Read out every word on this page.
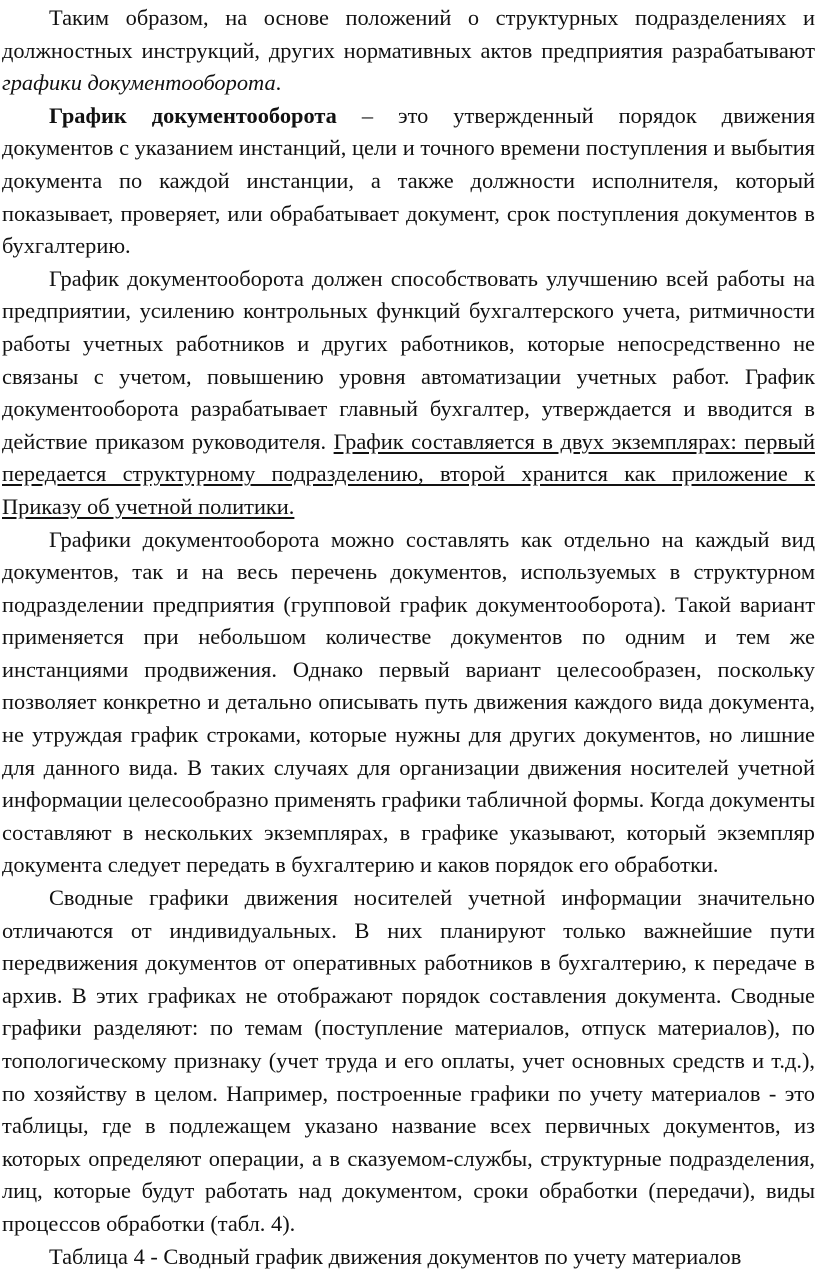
Таким образом, на основе положений о структурных подразделениях и должностных инструкций, других нормативных актов предприятия разрабатывают графики документооборота.

График документооборота – это утвержденный порядок движения документов с указанием инстанций, цели и точного времени поступления и выбытия документа по каждой инстанции, а также должности исполнителя, который показывает, проверяет, или обрабатывает документ, срок поступления документов в бухгалтерию.

График документооборота должен способствовать улучшению всей работы на предприятии, усилению контрольных функций бухгалтерского учета, ритмичности работы учетных работников и других работников, которые непосредственно не связаны с учетом, повышению уровня автоматизации учетных работ. График документооборота разрабатывает главный бухгалтер, утверждается и вводится в действие приказом руководителя. График составляется в двух экземплярах: первый передается структурному подразделению, второй хранится как приложение к Приказу об учетной политики.

Графики документооборота можно составлять как отдельно на каждый вид документов, так и на весь перечень документов, используемых в структурном подразделении предприятия (групповой график документооборота). Такой вариант применяется при небольшом количестве документов по одним и тем же инстанциями продвижения. Однако первый вариант целесообразен, поскольку позволяет конкретно и детально описывать путь движения каждого вида документа, не утруждая график строками, которые нужны для других документов, но лишние для данного вида. В таких случаях для организации движения носителей учетной информации целесообразно применять графики табличной формы. Когда документы составляют в нескольких экземплярах, в графике указывают, который экземпляр документа следует передать в бухгалтерию и каков порядок его обработки.

Сводные графики движения носителей учетной информации значительно отличаются от индивидуальных. В них планируют только важнейшие пути передвижения документов от оперативных работников в бухгалтерию, к передаче в архив. В этих графиках не отображают порядок составления документа. Сводные графики разделяют: по темам (поступление материалов, отпуск материалов), по топологическому признаку (учет труда и его оплаты, учет основных средств и т.д.), по хозяйству в целом. Например, построенные графики по учету материалов - это таблицы, где в подлежащем указано название всех первичных документов, из которых определяют операции, а в сказуемом-службы, структурные подразделения, лиц, которые будут работать над документом, сроки обработки (передачи), виды процессов обработки (табл. 4).

Таблица 4 - Сводный график движения документов по учету материалов
